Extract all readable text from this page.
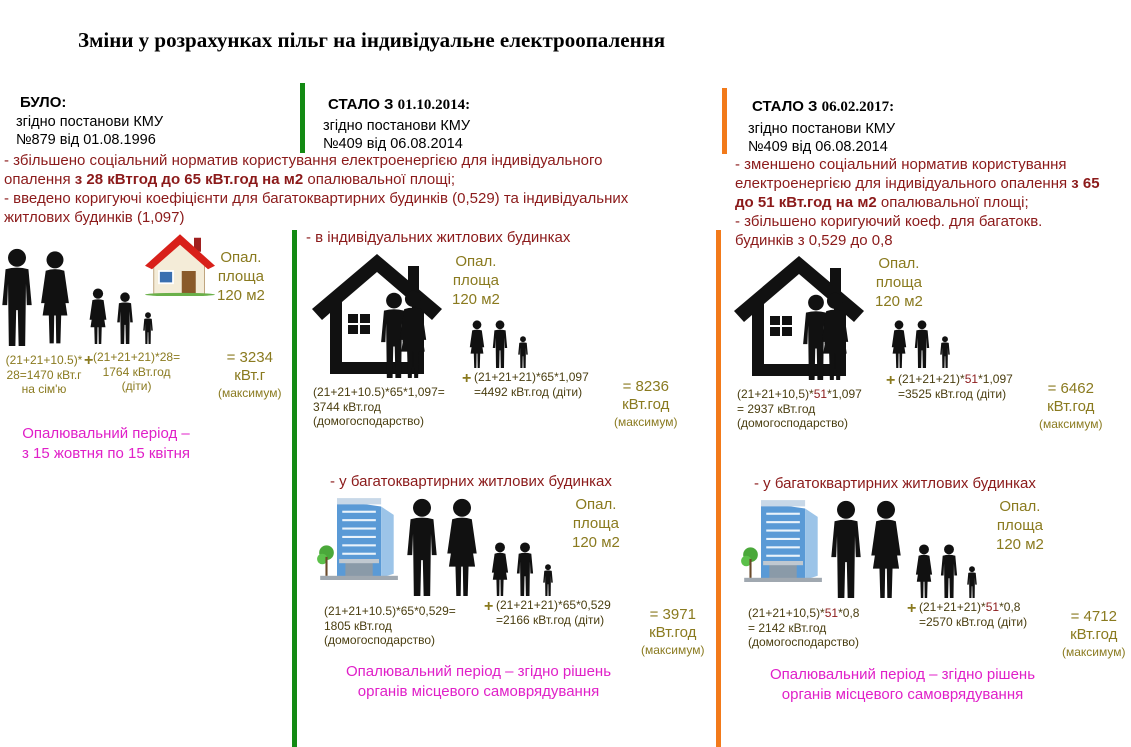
Зміни у розрахунках пільг на індивідуальне електроопалення
БУЛО:
згідно постанови КМУ
№879 від 01.08.1996
- збільшено соціальний норматив користування електроенергією для індивідуального
опалення з 28 кВтгод до 65 кВт.год на м2 опалювальної площі;
- введено коригуючі коефіцієнти для багатоквартирних будинків (0,529) та індивідуальних
житлових будинків (1,097)
Опал.
площа
120 м2
(21+21+10.5)*
28=1470 кВт.г
на сім'ю
+ (21+21+21)*28=
1764 кВт.год
(діти)
= 3234
кВт.г
(максимум)
Опалювальний період –
з 15 жовтня по 15 квітня
СТАЛО З 01.10.2014:
згідно постанови КМУ
№409 від 06.08.2014
- в індивідуальних житлових будинках
Опал.
площа
120 м2
(21+21+10.5)*65*1,097=
3744 кВт.год
(домогосподарство)
+ (21+21+21)*65*1,097
=4492 кВт.год (діти)	= 8236
кВт.год
(максимум)
- у багатоквартирних житлових будинках
Опал.
площа
120 м2
(21+21+10.5)*65*0,529=
1805 кВт.год
(домогосподарство)
+ (21+21+21)*65*0,529
=2166 кВт.год (діти)	= 3971
кВт.год
(максимум)
Опалювальний період – згідно рішень
органів місцевого самоврядування
СТАЛО З 06.02.2017:
згідно постанови КМУ
№409 від 06.08.2014
- зменшено соціальний норматив користування
електроенергією для індивідуального опалення з 65
до 51 кВт.год на м2 опалювальної площі;
- збільшено коригуючий коеф. для багатокв.
будинків з 0,529 до 0,8
Опал.
площа
120 м2
(21+21+10,5)*51*1,097
= 2937 кВт.год
(домогосподарство)
+ (21+21+21)*51*1,097
=3525 кВт.год (діти)	= 6462
кВт.год
(максимум)
- у багатоквартирних житлових будинках
Опал.
площа
120 м2
(21+21+10,5)*51*0,8
= 2142 кВт.год
(домогосподарство)
+ (21+21+21)*51*0,8
=2570 кВт.год (діти)	= 4712
кВт.год
(максимум)
Опалювальний період – згідно рішень
органів місцевого самоврядування
